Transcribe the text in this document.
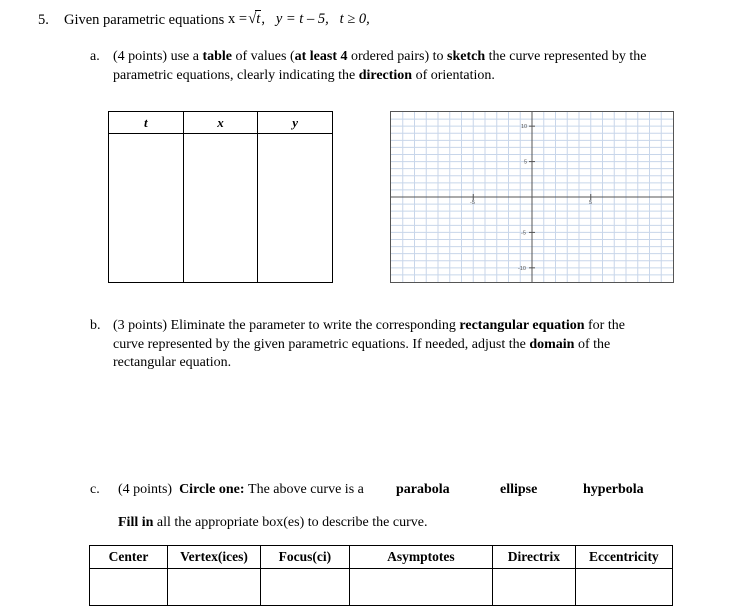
5. Given parametric equations x =√t,   y = t – 5, t ≥ 0,
a. (4 points) use a table of values (at least 4 ordered pairs) to sketch the curve represented by the parametric equations, clearly indicating the direction of orientation.
t	x	y	10
5
-5
-10
-5	5
b. (3 points) Eliminate the parameter to write the corresponding rectangular equation for the curve represented by the given parametric equations. If needed, adjust the domain of the rectangular equation.
c. (4 points) Circle one: The above curve is a parabola	ellipse	hyperbola
Fill in all the appropriate box(es) to describe the curve.
Center	Vertex(ices)	Focus(ci)	Asymptotes	Directrix	Eccentricity
